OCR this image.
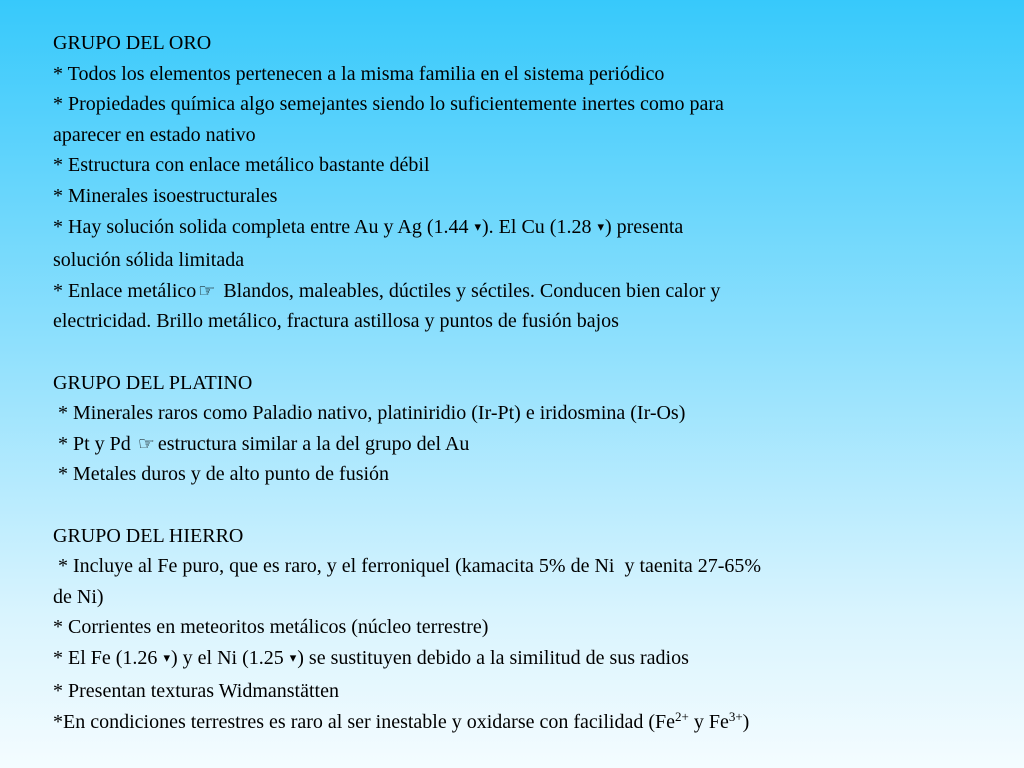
GRUPO DEL ORO
* Todos los elementos pertenecen a la misma familia en el sistema periódico
* Propiedades química algo semejantes siendo lo suficientemente inertes como para
aparecer en estado nativo
* Estructura con enlace metálico bastante débil
* Minerales isoestructurales
* Hay solución solida completa entre Au y Ag (1.44 ▾). El Cu (1.28 ▾) presenta
solución sólida limitada
* Enlace metálico ☞ Blandos, maleables, dúctiles y séctiles. Conducen bien calor y
electricidad. Brillo metálico, fractura astillosa y puntos de fusión bajos
GRUPO DEL PLATINO
* Minerales raros como Paladio nativo, platiniridio (Ir-Pt) e iridosmina (Ir-Os)
* Pt y Pd ☞ estructura similar a la del grupo del Au
* Metales duros y de alto punto de fusión
GRUPO DEL HIERRO
* Incluye al Fe puro, que es raro, y el ferroniquel (kamacita 5% de Ni  y taenita 27-65%
de Ni)
* Corrientes en meteoritos metálicos (núcleo terrestre)
* El Fe (1.26 ▾) y el Ni (1.25 ▾) se sustituyen debido a la similitud de sus radios
* Presentan texturas Widmanstätten
*En condiciones terrestres es raro al ser inestable y oxidarse con facilidad ($Fe^{2+}$ y $Fe^{3+}$)
